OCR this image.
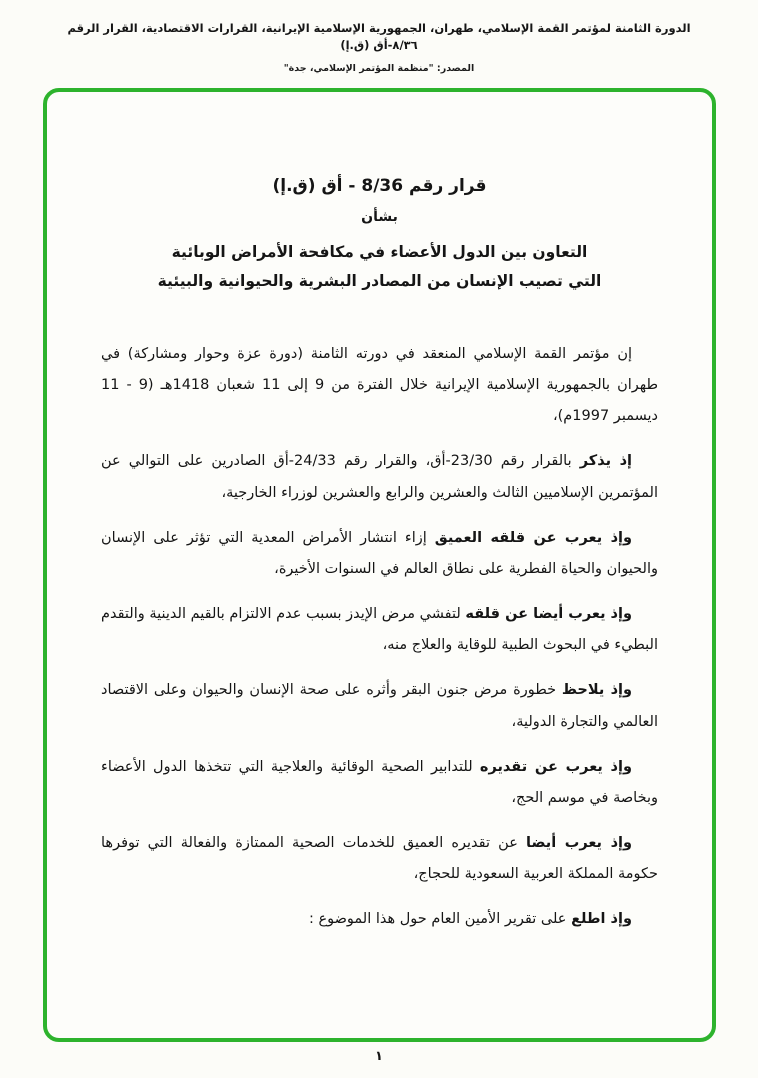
الدورة الثامنة لمؤتمر القمة الإسلامي، طهران، الجمهورية الإسلامية الإيرانية، القرارات الاقتصادية، القرار الرقم ٨/٣٦-أق (ق.إ)
المصدر: "منظمة المؤتمر الإسلامي، جدة"
قرار رقم 8/36 - أق (ق.إ)
بشأن
التعاون بين الدول الأعضاء في مكافحة الأمراض الوبائية
التي تصيب الإنسان من المصادر البشرية والحيوانية والبيئية

إن مؤتمر القمة الإسلامي المنعقد في دورته الثامنة (دورة عزة وحوار ومشاركة) في طهران بالجمهورية الإسلامية الإيرانية خلال الفترة من 9 إلى 11 شعبان 1418هـ (9 - 11 ديسمبر 1997م)،

إذ يذكر بالقرار رقم 23/30-أق، والقرار رقم 24/33-أق الصادرين على التوالي عن المؤتمرين الإسلاميين الثالث والعشرين والرابع والعشرين لوزراء الخارجية،

وإذ يعرب عن قلقه العميق إزاء انتشار الأمراض المعدية التي تؤثر على الإنسان والحيوان والحياة الفطرية على نطاق العالم في السنوات الأخيرة،

وإذ يعرب أيضا عن قلقه لتفشي مرض الإيدز بسبب عدم الالتزام بالقيم الدينية والتقدم البطيء في البحوث الطبية للوقاية والعلاج منه،

وإذ يلاحظ خطورة مرض جنون البقر وأثره على صحة الإنسان والحيوان وعلى الاقتصاد العالمي والتجارة الدولية،

وإذ يعرب عن تقديره للتدابير الصحية الوقائية والعلاجية التي تتخذها الدول الأعضاء وبخاصة في موسم الحج،

وإذ يعرب أيضا عن تقديره العميق للخدمات الصحية الممتازة والفعالة التي توفرها حكومة المملكة العربية السعودية للحجاج،

وإذ اطلع على تقرير الأمين العام حول هذا الموضوع :

١
